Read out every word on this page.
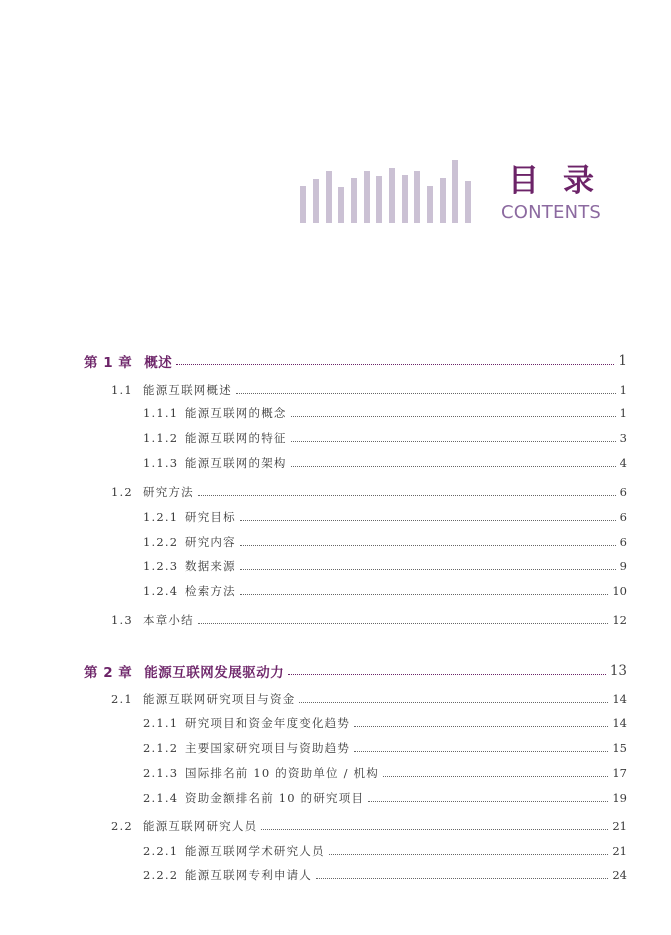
目录
CONTENTS
第 1 章 概述	1
1.1 能源互联网概述	1
1.1.1 能源互联网的概念	1
1.1.2 能源互联网的特征	3
1.1.3 能源互联网的架构	4
1.2 研究方法	6
1.2.1 研究目标	6
1.2.2 研究内容	6
1.2.3 数据来源	9
1.2.4 检索方法	10
1.3 本章小结	12
第 2 章 能源互联网发展驱动力	13
2.1 能源互联网研究项目与资金	14
2.1.1 研究项目和资金年度变化趋势	14
2.1.2 主要国家研究项目与资助趋势	15
2.1.3 国际排名前 10 的资助单位 / 机构	17
2.1.4 资助金额排名前 10 的研究项目	19
2.2 能源互联网研究人员	21
2.2.1 能源互联网学术研究人员	21
2.2.2 能源互联网专利申请人	24
